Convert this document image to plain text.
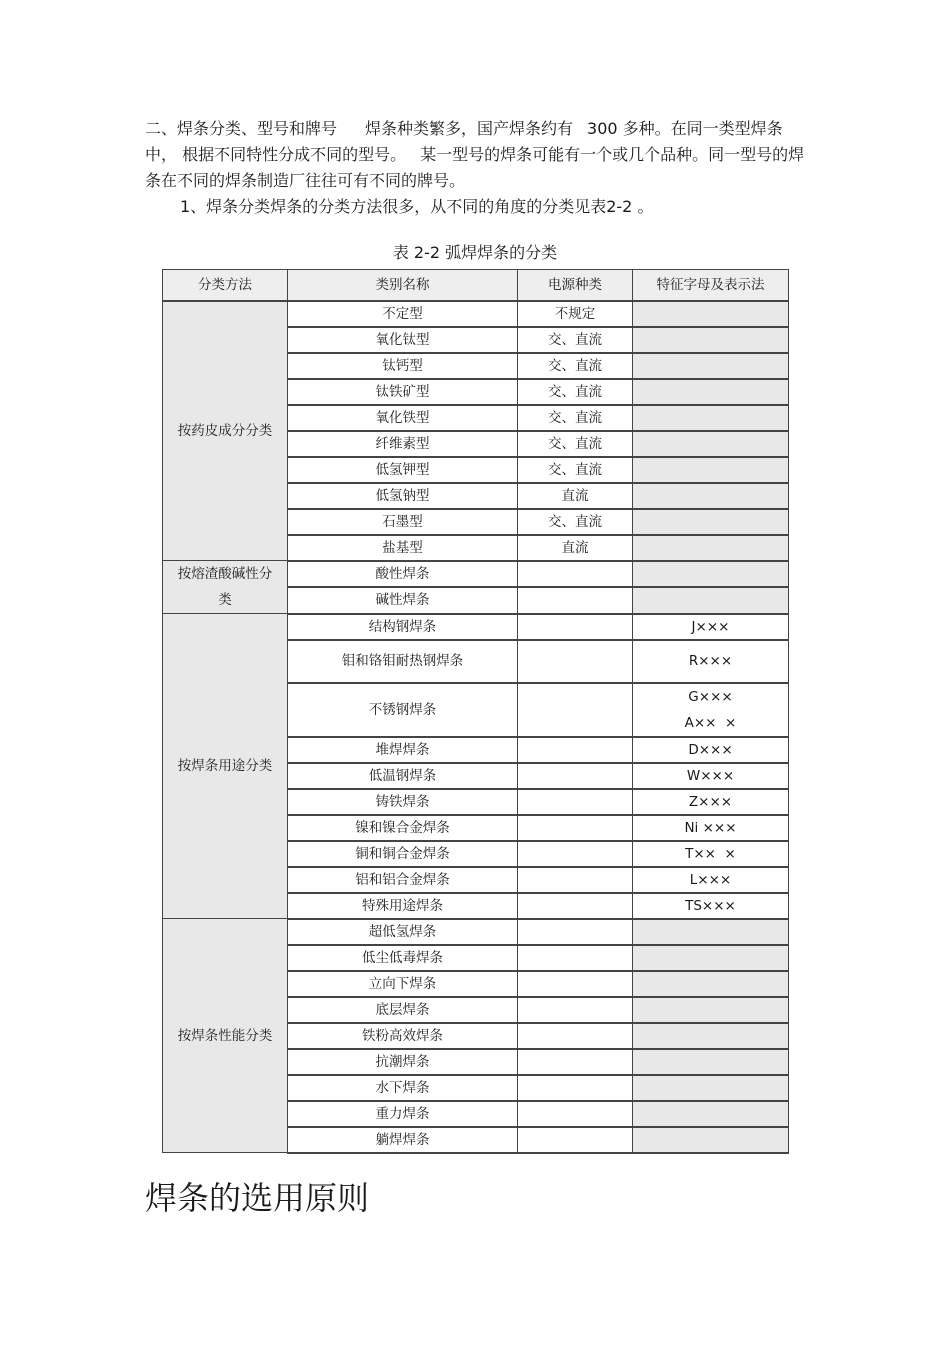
二、焊条分类、型号和牌号 焊条种类繁多，国产焊条约有 300 多种。在同一类型焊条中， 根据不同特性分成不同的型号。 某一型号的焊条可能有一个或几个品种。同一型号的焊条在不同的焊条制造厂往往可有不同的牌号。

1、焊条分类焊条的分类方法很多，从不同的角度的分类见表2-2 。

表 2-2 弧焊焊条的分类

分类方法	类别名称	电源种类	特征字母及表示法
按药皮成分分类	不定型	不规定	
	氧化钛型	交、直流	
	钛钙型	交、直流	
	钛铁矿型	交、直流	
	氧化铁型	交、直流	
	纤维素型	交、直流	
	低氢钾型	交、直流	
	低氢钠型	直流	
	石墨型	交、直流	
	盐基型	直流	
按熔渣酸碱性分类	酸性焊条		
	碱性焊条		
按焊条用途分类	结构钢焊条		J×××
	钼和铬钼耐热钢焊条		R×××
	不锈钢焊条		G×××
A××  ×

	堆焊焊条		D×××
	低温钢焊条		W×××
	铸铁焊条		Z×××
	镍和镍合金焊条		Ni ×××
	铜和铜合金焊条		T××  ×
	铝和铝合金焊条		L×××
	特殊用途焊条		TS×××
按焊条性能分类	超低氢焊条		
	低尘低毒焊条		
	立向下焊条		
	底层焊条		
	铁粉高效焊条		
	抗潮焊条		
	水下焊条		
	重力焊条		
	躺焊焊条		
焊条的选用原则
